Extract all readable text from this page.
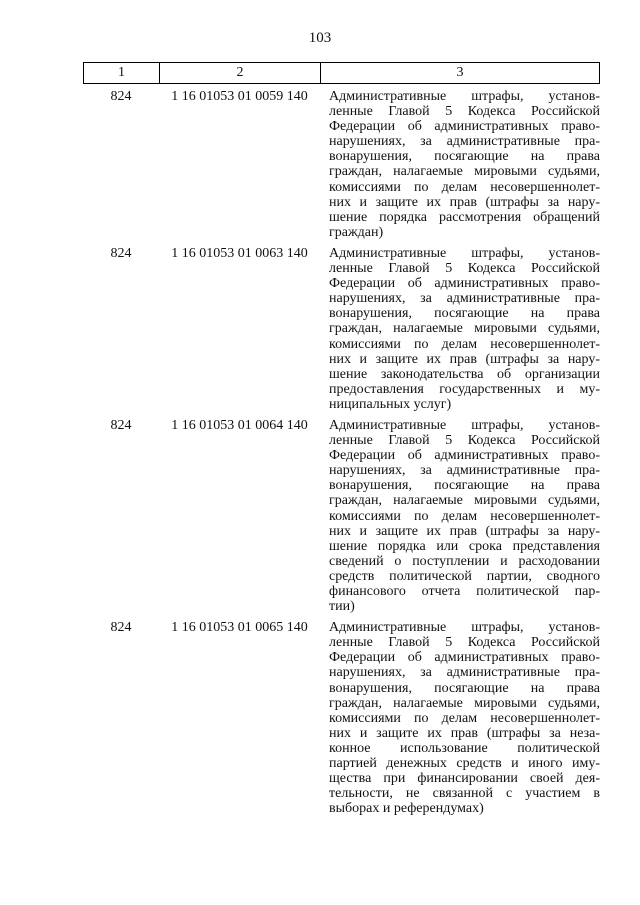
103
1	2	3
824	1 16 01053 01 0059 140	Административные штрафы, установ-
ленные Главой 5 Кодекса Российской
Федерации об административных право-
нарушениях, за административные пра-
вонарушения, посягающие на права
граждан, налагаемые мировыми судьями,
комиссиями по делам несовершеннолет-
них и защите их прав (штрафы за нару-
шение порядка рассмотрения обращений
граждан)
824	1 16 01053 01 0063 140	Административные штрафы, установ-
ленные Главой 5 Кодекса Российской
Федерации об административных право-
нарушениях, за административные пра-
вонарушения, посягающие на права
граждан, налагаемые мировыми судьями,
комиссиями по делам несовершеннолет-
них и защите их прав (штрафы за нару-
шение законодательства об организации
предоставления государственных и му-
ниципальных услуг)
824	1 16 01053 01 0064 140	Административные штрафы, установ-
ленные Главой 5 Кодекса Российской
Федерации об административных право-
нарушениях, за административные пра-
вонарушения, посягающие на права
граждан, налагаемые мировыми судьями,
комиссиями по делам несовершеннолет-
них и защите их прав (штрафы за нару-
шение порядка или срока представления
сведений о поступлении и расходовании
средств политической партии, сводного
финансового отчета политической пар-
тии)
824	1 16 01053 01 0065 140	Административные штрафы, установ-
ленные Главой 5 Кодекса Российской
Федерации об административных право-
нарушениях, за административные пра-
вонарушения, посягающие на права
граждан, налагаемые мировыми судьями,
комиссиями по делам несовершеннолет-
них и защите их прав (штрафы за неза-
конное использование политической
партией денежных средств и иного иму-
щества при финансировании своей дея-
тельности, не связанной с участием в
выборах и референдумах)
